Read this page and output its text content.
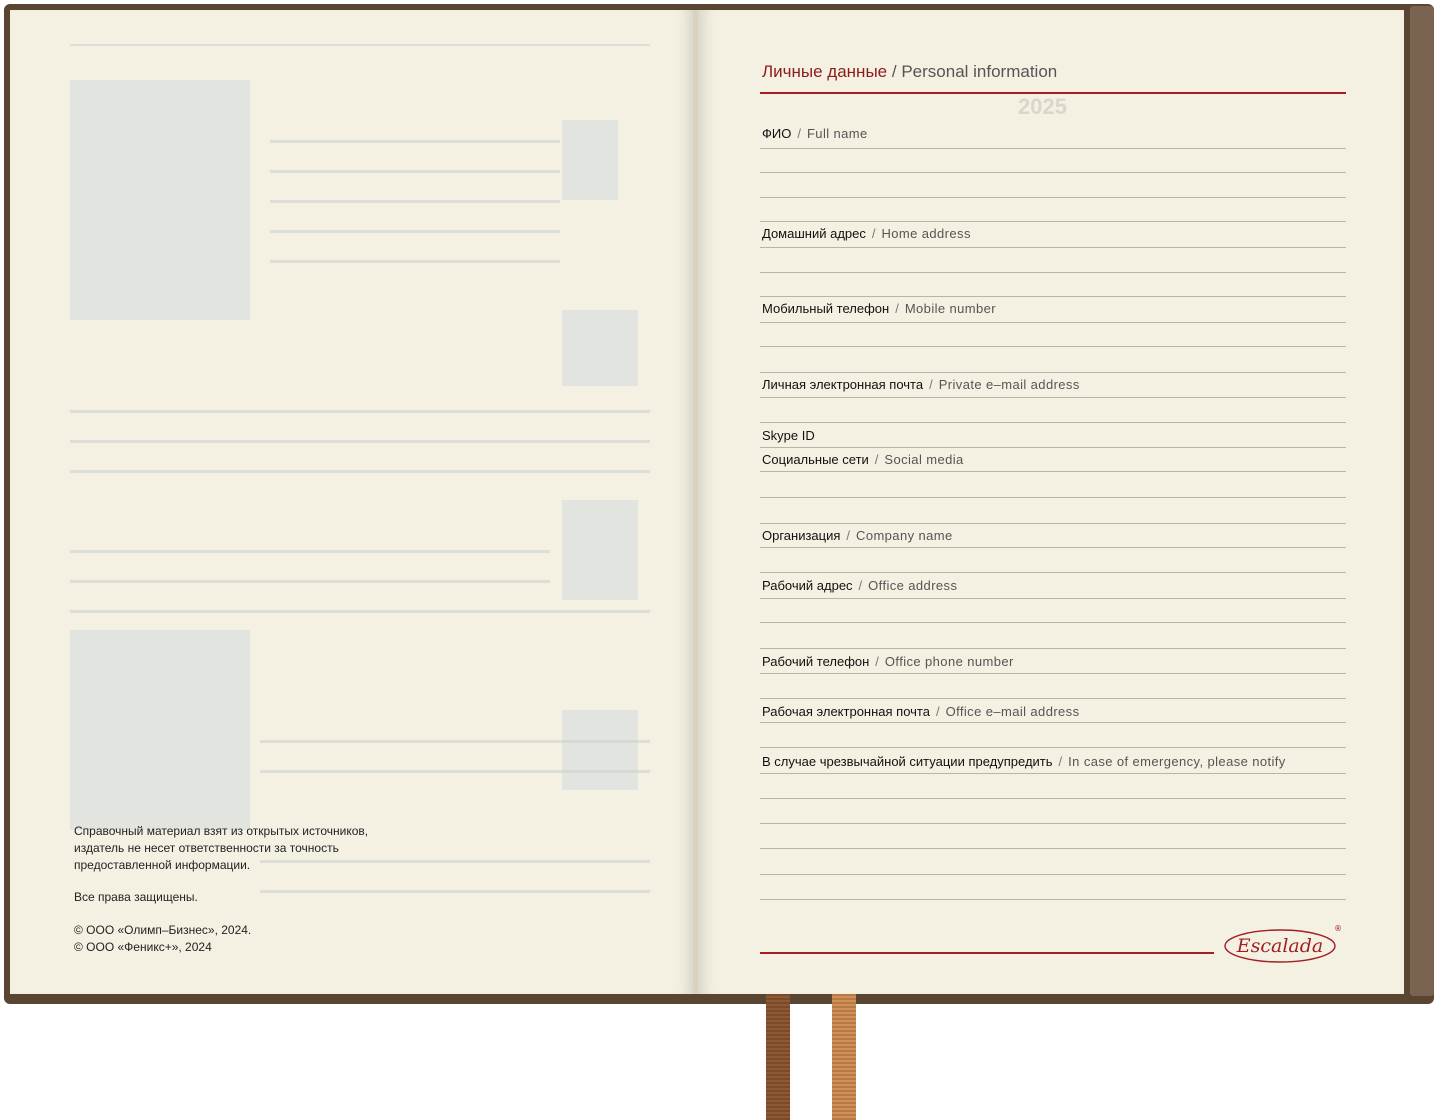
Справочный материал взят из открытых источников,
издатель не несет ответственности за точность
предоставленной информации.
Все права защищены.
© ООО «Олимп–Бизнес», 2024.
© ООО «Феникс+», 2024
2025
Личные данные / Personal information
ФИО / Full name
Домашний адрес / Home address
Мобильный телефон / Mobile number
Личная электронная почта / Private e–mail address
Skype ID
Социальные сети / Social media
Организация / Company name
Рабочий адрес / Office address
Рабочий телефон / Office phone number
Рабочая электронная почта / Office e–mail address
В случае чрезвычайной ситуации предупредить / In case of emergency, please notify
Escalada
®
